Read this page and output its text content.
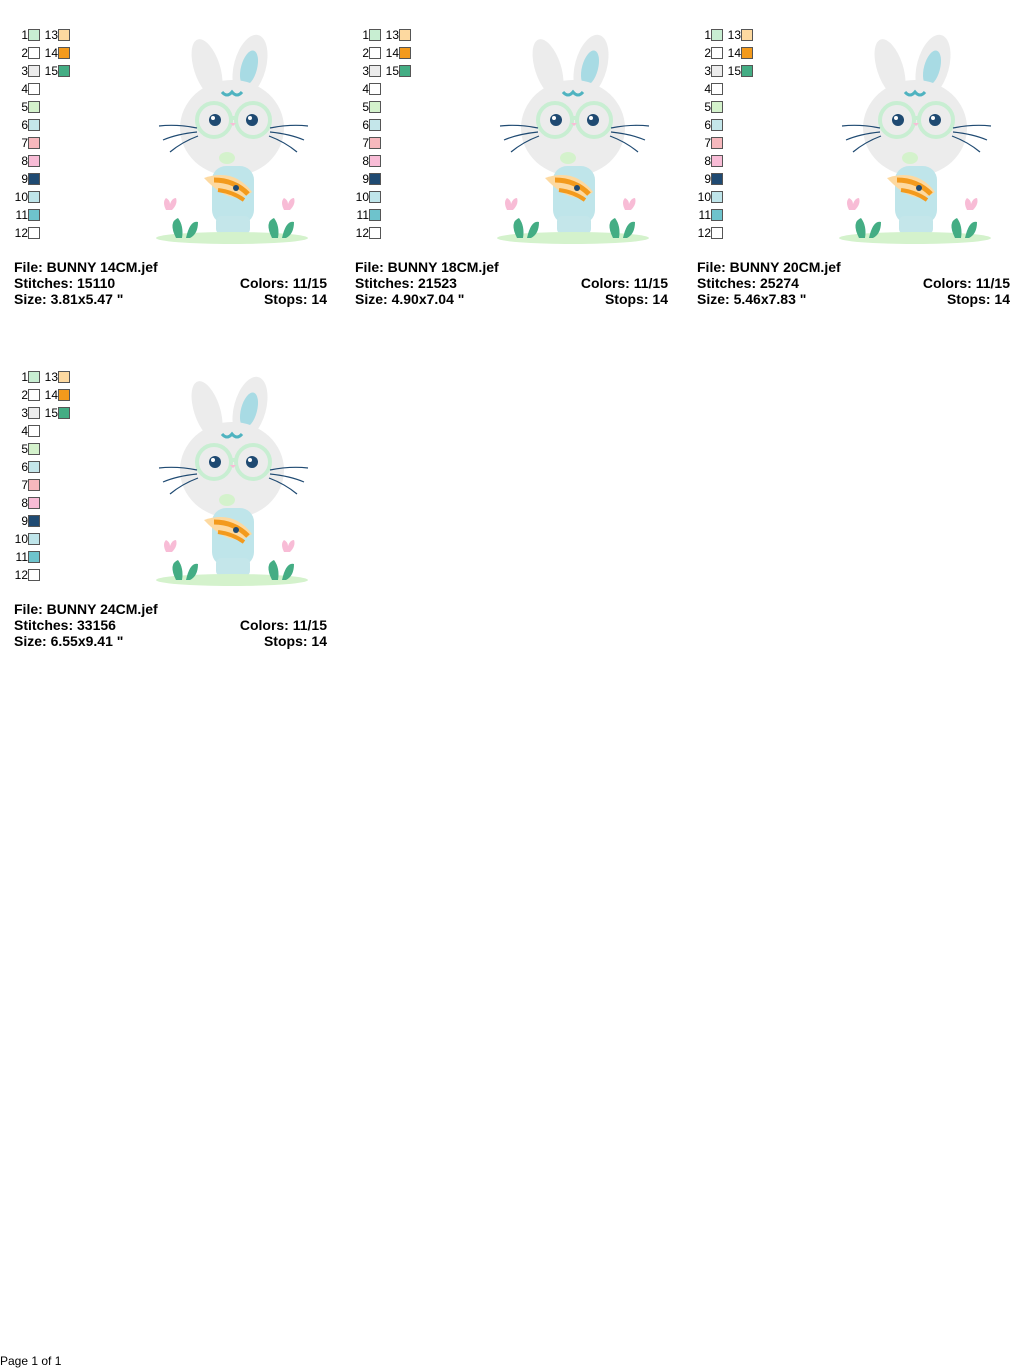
1 13
2 14
3 15
4
5
6
7
8
9
10
11
12
File: BUNNY 14CM.jef
Stitches: 15110	Colors: 11/15
Size: 3.81x5.47 "	Stops: 14
1 13
2 14
3 15
4
5
6
7
8
9
10
11
12
File: BUNNY 18CM.jef
Stitches: 21523	Colors: 11/15
Size: 4.90x7.04 "	Stops: 14
1 13
2 14
3 15
4
5
6
7
8
9
10
11
12
File: BUNNY 20CM.jef
Stitches: 25274	Colors: 11/15
Size: 5.46x7.83 "	Stops: 14
1 13
2 14
3 15
4
5
6
7
8
9
10
11
12
File: BUNNY 24CM.jef
Stitches: 33156	Colors: 11/15
Size: 6.55x9.41 "	Stops: 14
Page 1 of 1
